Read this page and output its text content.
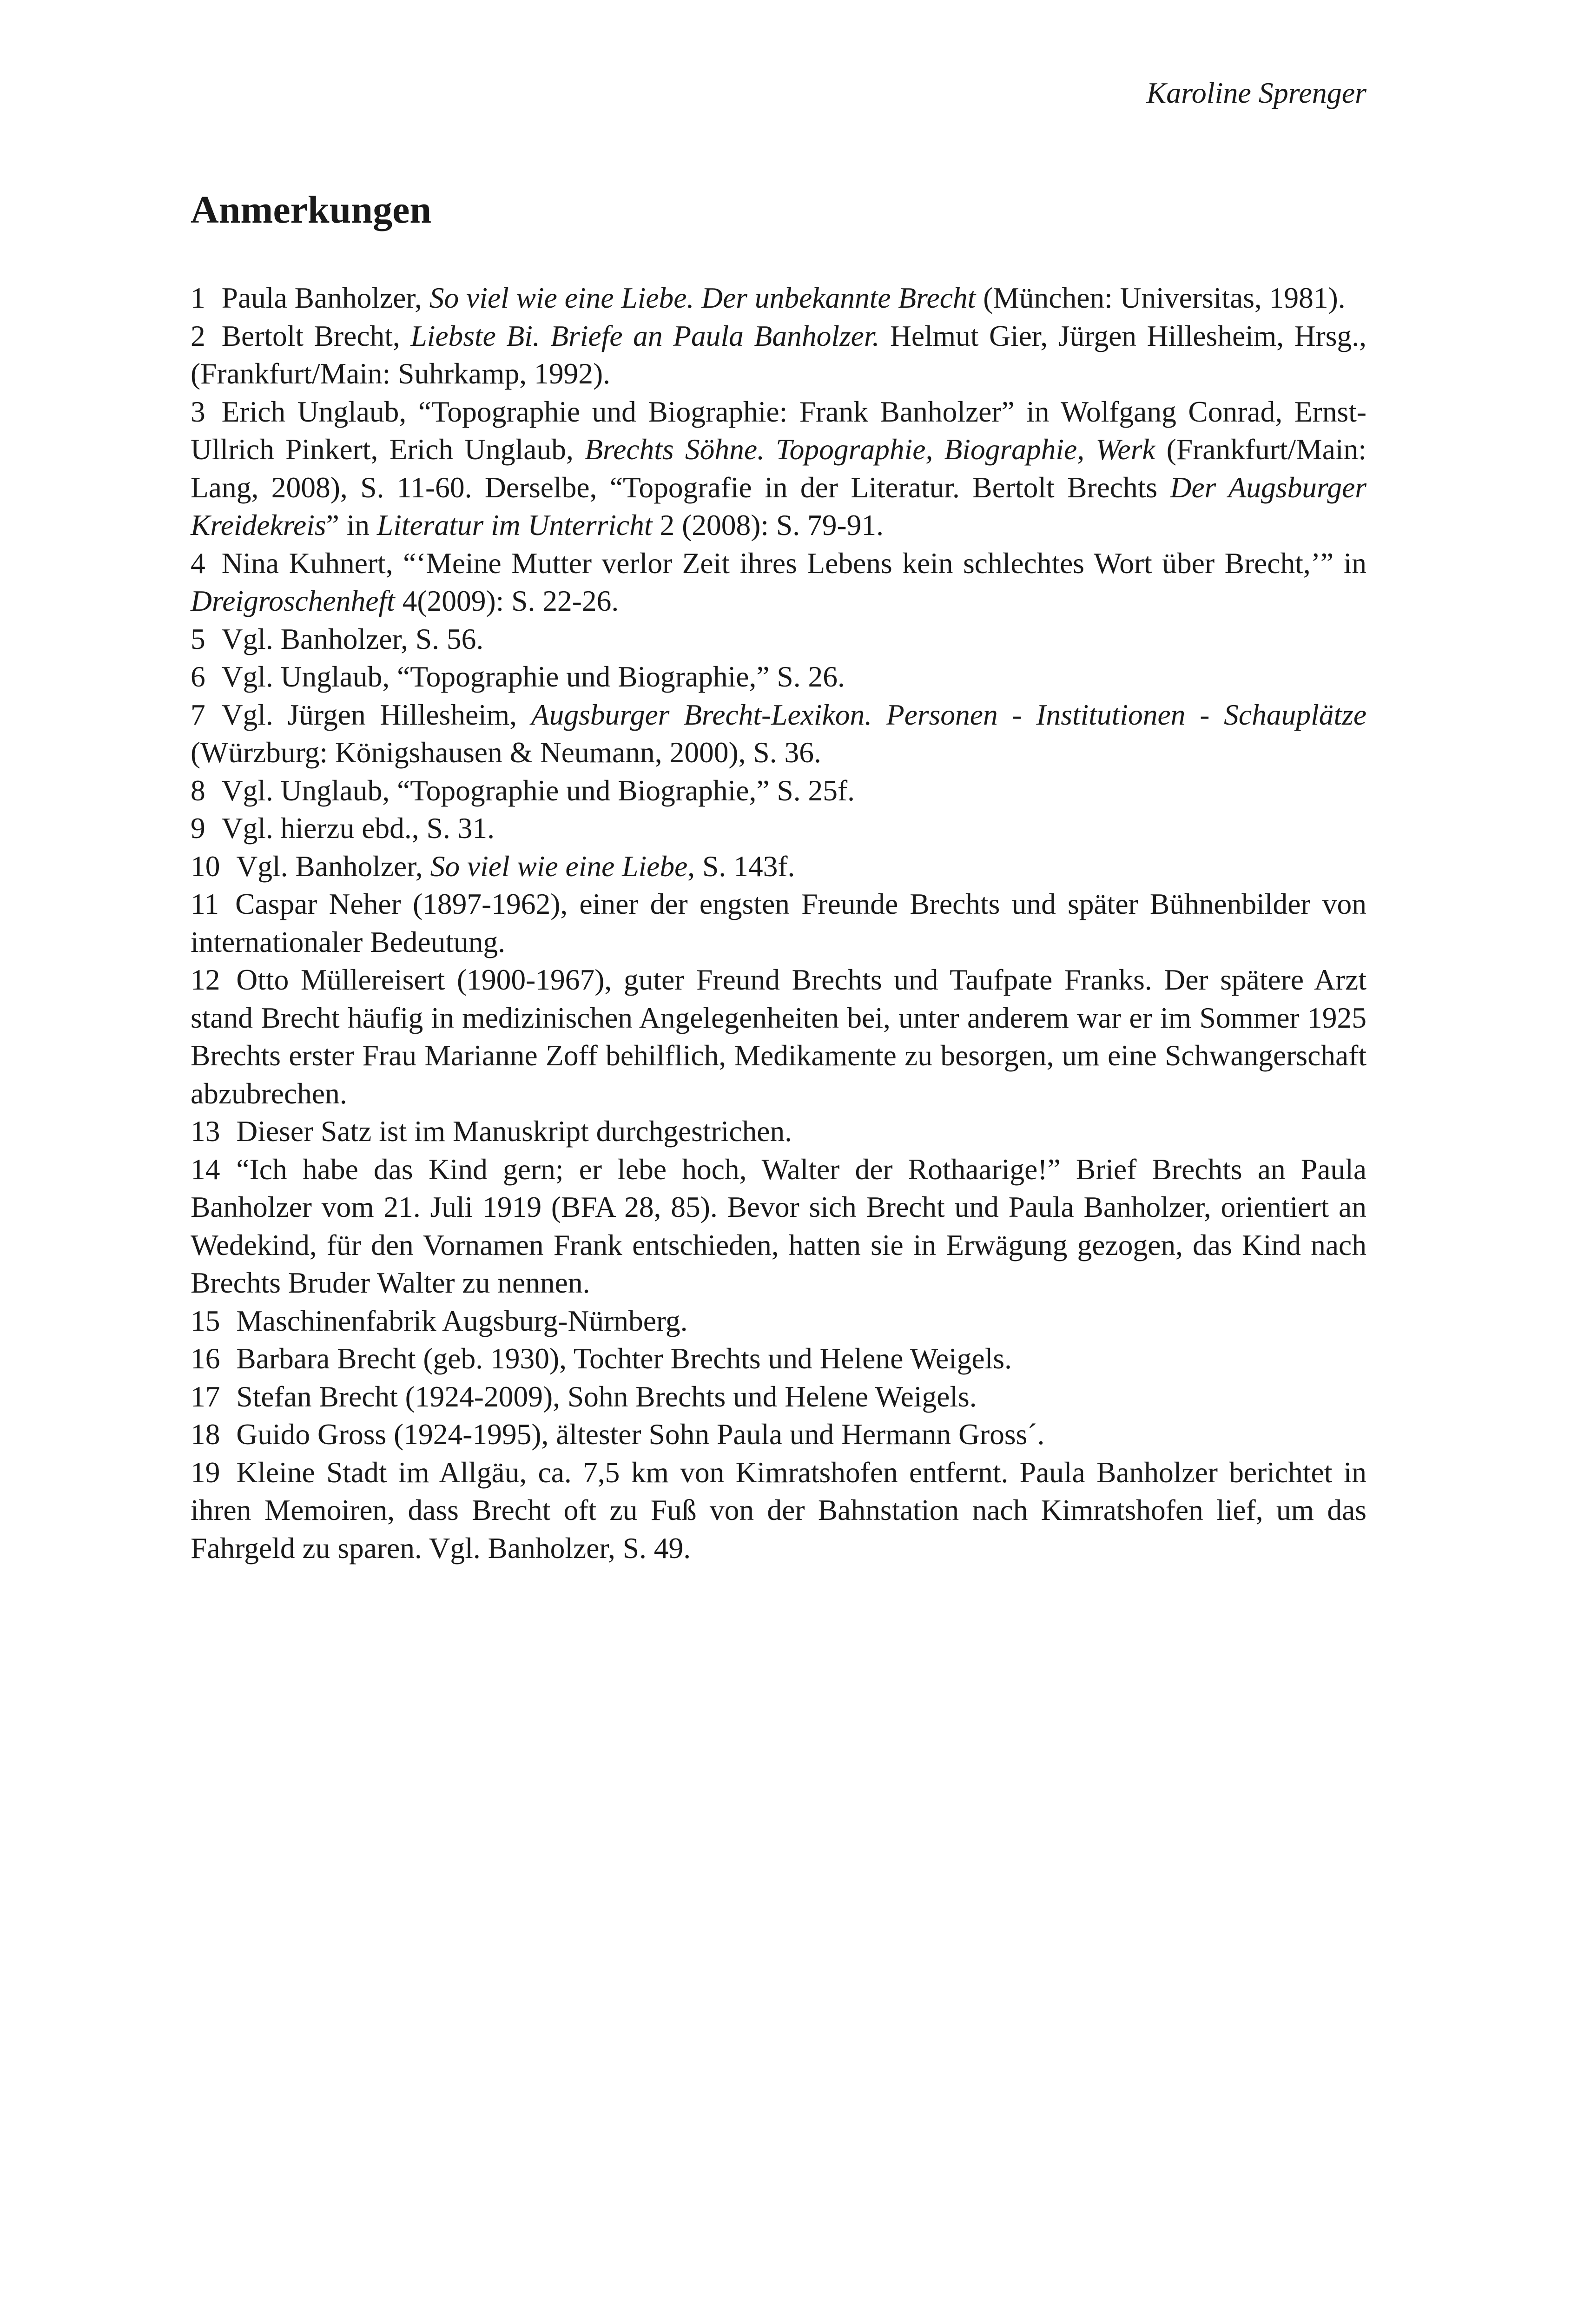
Karoline Sprenger
Anmerkungen

1 Paula Banholzer, So viel wie eine Liebe. Der unbekannte Brecht (München: Universitas, 1981).

2 Bertolt Brecht, Liebste Bi. Briefe an Paula Banholzer. Helmut Gier, Jürgen Hillesheim, Hrsg., (Frankfurt/Main: Suhrkamp, 1992).

3 Erich Unglaub, “Topographie und Biographie: Frank Banholzer” in Wolfgang Conrad, Ernst-Ullrich Pinkert, Erich Unglaub, Brechts Söhne. Topographie, Biographie, Werk (Frankfurt/Main: Lang, 2008), S. 11-60. Derselbe, “Topografie in der Literatur. Bertolt Brechts Der Augsburger Kreidekreis” in Literatur im Unterricht 2 (2008): S. 79-91.

4 Nina Kuhnert, “‘Meine Mutter verlor Zeit ihres Lebens kein schlechtes Wort über Brecht,’” in Dreigroschenheft 4(2009): S. 22-26.

5 Vgl. Banholzer, S. 56.

6 Vgl. Unglaub, “Topographie und Biographie,” S. 26.

7 Vgl. Jürgen Hillesheim, Augsburger Brecht-Lexikon. Personen - Institutionen - Schauplätze (Würzburg: Königshausen & Neumann, 2000), S. 36.

8 Vgl. Unglaub, “Topographie und Biographie,” S. 25f.

9 Vgl. hierzu ebd., S. 31.

10 Vgl. Banholzer, So viel wie eine Liebe, S. 143f.

11 Caspar Neher (1897-1962), einer der engsten Freunde Brechts und später Bühnenbilder von internationaler Bedeutung.

12 Otto Müllereisert (1900-1967), guter Freund Brechts und Taufpate Franks. Der spätere Arzt stand Brecht häufig in medizinischen Angelegenheiten bei, unter anderem war er im Sommer 1925 Brechts erster Frau Marianne Zoff behilflich, Medikamente zu besorgen, um eine Schwangerschaft abzubrechen.

13 Dieser Satz ist im Manuskript durchgestrichen.

14 “Ich habe das Kind gern; er lebe hoch, Walter der Rothaarige!” Brief Brechts an Paula Banholzer vom 21. Juli 1919 (BFA 28, 85). Bevor sich Brecht und Paula Banholzer, orientiert an Wedekind, für den Vornamen Frank entschieden, hatten sie in Erwägung gezogen, das Kind nach Brechts Bruder Walter zu nennen.

15 Maschinenfabrik Augsburg-Nürnberg.

16 Barbara Brecht (geb. 1930), Tochter Brechts und Helene Weigels.

17 Stefan Brecht (1924-2009), Sohn Brechts und Helene Weigels.

18 Guido Gross (1924-1995), ältester Sohn Paula und Hermann Gross´.

19 Kleine Stadt im Allgäu, ca. 7,5 km von Kimratshofen entfernt. Paula Banholzer berichtet in ihren Memoiren, dass Brecht oft zu Fuß von der Bahnstation nach Kimratshofen lief, um das Fahrgeld zu sparen. Vgl. Banholzer, S. 49.
